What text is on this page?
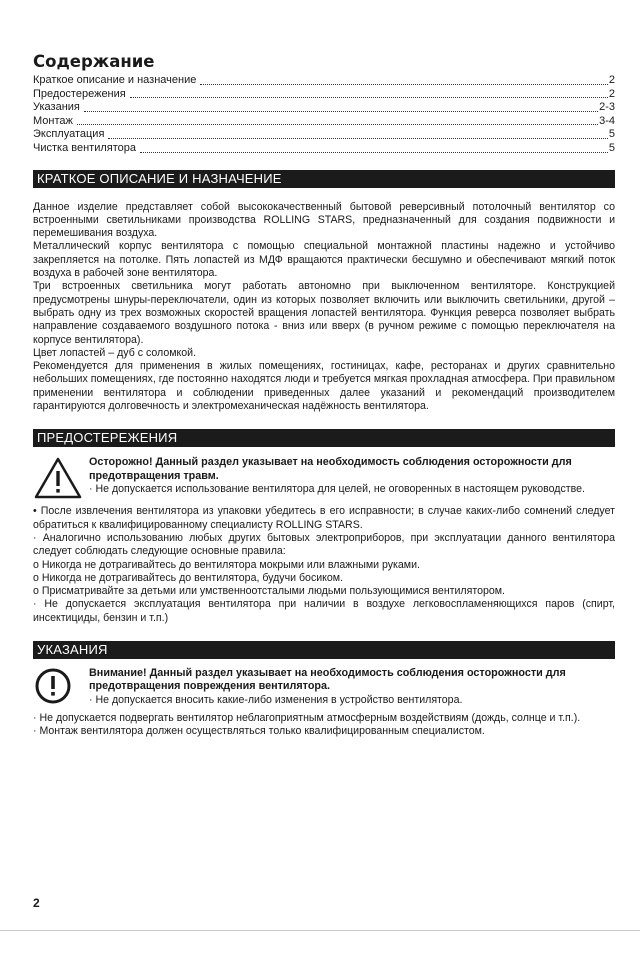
Содержание
Краткое описание и назначение	2
Предостережения	2
Указания	2-3
Монтаж	3-4
Эксплуатация	5
Чистка вентилятора	5
КРАТКОЕ ОПИСАНИЕ И НАЗНАЧЕНИЕ

Данное изделие представляет собой высококачественный бытовой реверсивный потолочный вентилятор со встроенными светильниками производства ROLLING STARS, предназначенный для создания подвижности и перемешивания воздуха.

Металлический корпус вентилятора с помощью специальной монтажной пластины надежно и устойчиво закрепляется на потолке. Пять лопастей из МДФ вращаются практически бесшумно и обеспечивают мягкий поток воздуха в рабочей зоне вентилятора.

Три встроенных светильника могут работать автономно при выключенном вентиляторе. Конструкцией предусмотрены шнуры-переключатели, один из которых позволяет включить или выключить светильники, другой – выбрать одну из трех возможных скоростей вращения лопастей вентилятора. Функция реверса позволяет выбрать направление создаваемого воздушного потока - вниз или вверх (в ручном режиме с помощью переключателя на корпусе вентилятора).

Цвет лопастей – дуб с соломкой.

Рекомендуется для применения в жилых помещениях, гостиницах, кафе, ресторанах и других сравнительно небольших помещениях, где постоянно находятся люди и требуется мягкая прохладная атмосфера. При правильном применении вентилятора и соблюдении приведенных далее указаний и рекомендаций производителем гарантируются долговечность и электромеханическая надёжность вентилятора.

ПРЕДОСТЕРЕЖЕНИЯ
Осторожно! Данный раздел указывает на необходимость соблюдения осторожности для предотвращения травм.

· Не допускается использование вентилятора для целей, не оговоренных в настоящем руководстве.

• После извлечения вентилятора из упаковки убедитесь в его исправности; в случае каких-либо сомнений следует обратиться к квалифицированному специалисту ROLLING STARS.

· Аналогично использованию любых других бытовых электроприборов, при эксплуатации данного вентилятора следует соблюдать следующие основные правила:

o Никогда не дотрагивайтесь до вентилятора мокрыми или влажными руками.

o Никогда не дотрагивайтесь до вентилятора, будучи босиком.

o Присматривайте за детьми или умственноотсталыми людьми пользующимися вентилятором.

· Не допускается эксплуатация вентилятора при наличии в воздухе легковоспламеняющихся паров (спирт, инсектициды, бензин и т.п.)

УКАЗАНИЯ
Внимание! Данный раздел указывает на необходимость соблюдения осторожности для предотвращения повреждения вентилятора.

· Не допускается вносить какие-либо изменения в устройство вентилятора.

· Не допускается подвергать вентилятор неблагоприятным атмосферным воздействиям (дождь, солнце и т.п.).

· Монтаж вентилятора должен осуществляться только квалифицированным специалистом.

2
